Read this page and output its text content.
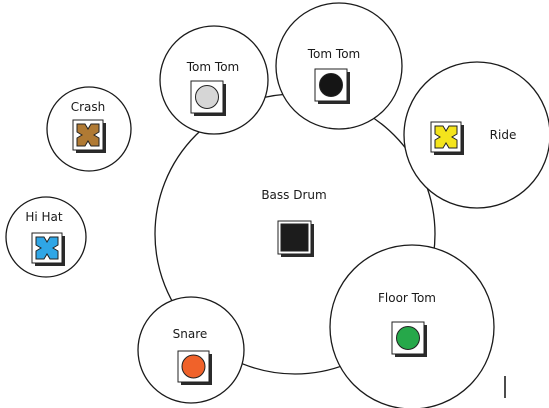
Bass Drum
Tom Tom
Tom Tom
Ride
Crash
Hi Hat
Snare
Floor Tom
